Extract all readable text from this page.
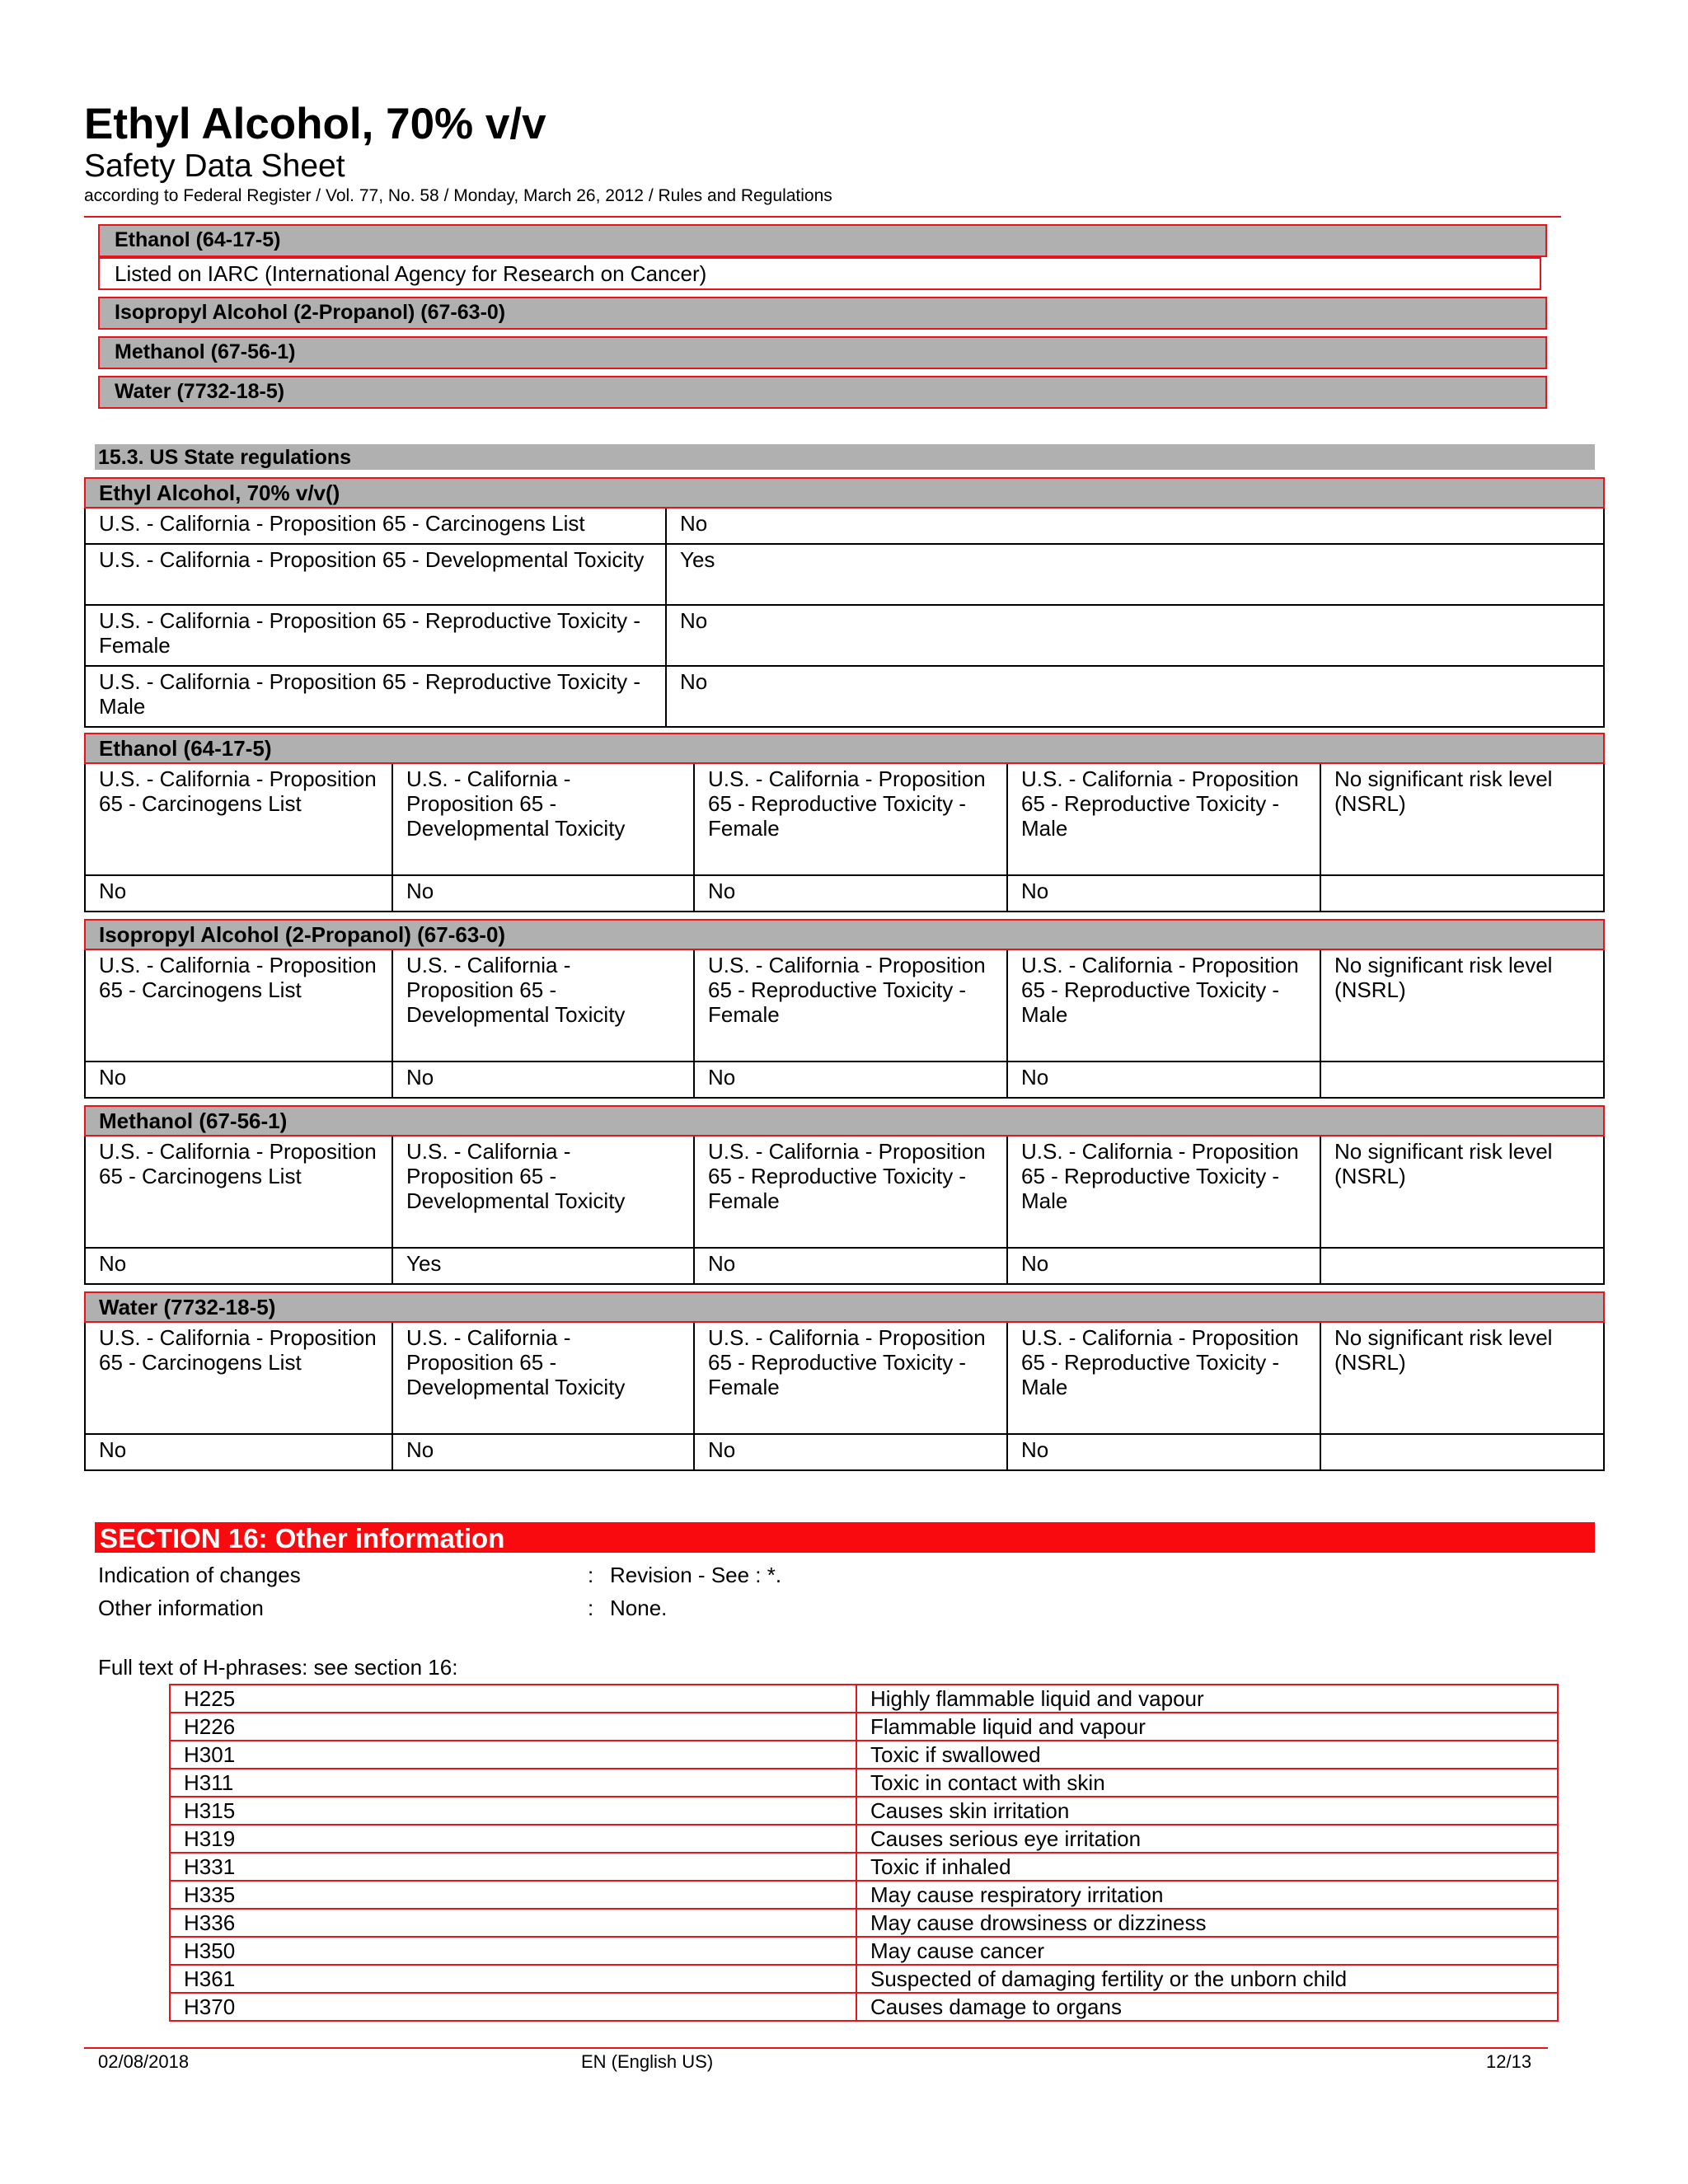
Ethyl Alcohol, 70% v/v
Safety Data Sheet
according to Federal Register / Vol. 77, No. 58 / Monday, March 26, 2012 / Rules and Regulations
Ethanol (64-17-5)
Listed on IARC (International Agency for Research on Cancer)
Isopropyl Alcohol (2-Propanol) (67-63-0)
Methanol (67-56-1)
Water (7732-18-5)
15.3. US State regulations
Ethyl Alcohol, 70% v/v()	
U.S. - California - Proposition 65 - Carcinogens List	No
U.S. - California - Proposition 65 - Developmental Toxicity	Yes
U.S. - California - Proposition 65 - Reproductive Toxicity - Female	No
U.S. - California - Proposition 65 - Reproductive Toxicity - Male	No
Ethanol (64-17-5)				
U.S. - California - Proposition 65 - Carcinogens List	U.S. - California - Proposition 65 - Developmental Toxicity	U.S. - California - Proposition 65 - Reproductive Toxicity - Female	U.S. - California - Proposition 65 - Reproductive Toxicity - Male	No significant risk level (NSRL)
No	No	No	No	
Isopropyl Alcohol (2-Propanol) (67-63-0)				
U.S. - California - Proposition 65 - Carcinogens List	U.S. - California - Proposition 65 - Developmental Toxicity	U.S. - California - Proposition 65 - Reproductive Toxicity - Female	U.S. - California - Proposition 65 - Reproductive Toxicity - Male	No significant risk level (NSRL)
No	No	No	No	
Methanol (67-56-1)				
U.S. - California - Proposition 65 - Carcinogens List	U.S. - California - Proposition 65 - Developmental Toxicity	U.S. - California - Proposition 65 - Reproductive Toxicity - Female	U.S. - California - Proposition 65 - Reproductive Toxicity - Male	No significant risk level (NSRL)
No	Yes	No	No	
Water (7732-18-5)				
U.S. - California - Proposition 65 - Carcinogens List	U.S. - California - Proposition 65 - Developmental Toxicity	U.S. - California - Proposition 65 - Reproductive Toxicity - Female	U.S. - California - Proposition 65 - Reproductive Toxicity - Male	No significant risk level (NSRL)
No	No	No	No	
SECTION 16: Other information
Indication of changes	: Revision - See : *.
Other information	: None.
Full text of H-phrases: see section 16:
H225	Highly flammable liquid and vapour
H226	Flammable liquid and vapour
H301	Toxic if swallowed
H311	Toxic in contact with skin
H315	Causes skin irritation
H319	Causes serious eye irritation
H331	Toxic if inhaled
H335	May cause respiratory irritation
H336	May cause drowsiness or dizziness
H350	May cause cancer
H361	Suspected of damaging fertility or the unborn child
H370	Causes damage to organs
02/08/2018	EN (English US)	12/13
